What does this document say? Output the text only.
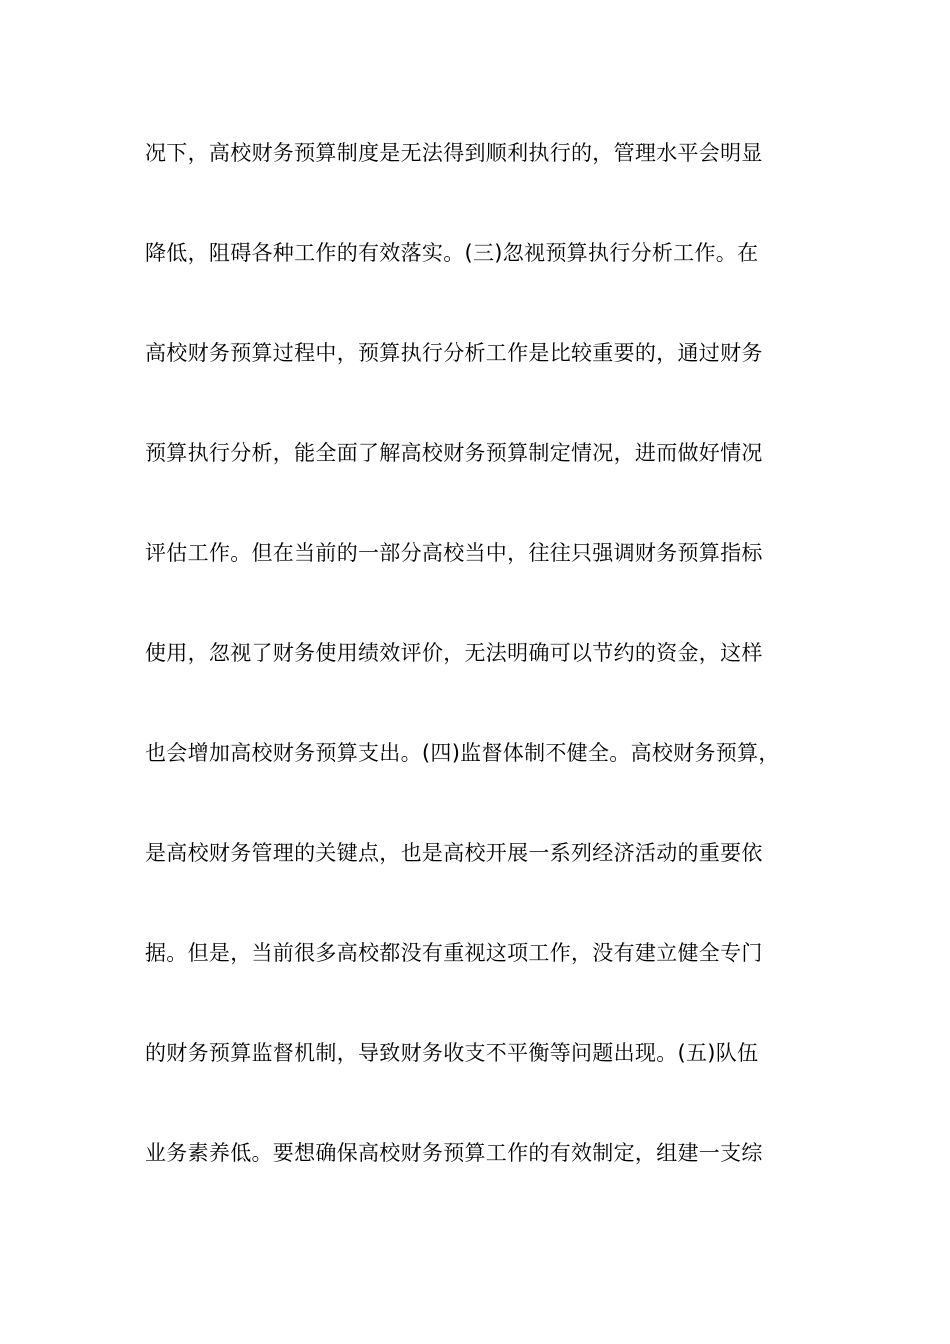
况下，高校财务预算制度是无法得到顺利执行的，管理水平会明显
降低，阻碍各种工作的有效落实。(三)忽视预算执行分析工作。在
高校财务预算过程中，预算执行分析工作是比较重要的，通过财务
预算执行分析，能全面了解高校财务预算制定情况，进而做好情况
评估工作。但在当前的一部分高校当中，往往只强调财务预算指标
使用，忽视了财务使用绩效评价，无法明确可以节约的资金，这样
也会增加高校财务预算支出。(四)监督体制不健全。高校财务预算，
是高校财务管理的关键点，也是高校开展一系列经济活动的重要依
据。但是，当前很多高校都没有重视这项工作，没有建立健全专门
的财务预算监督机制，导致财务收支不平衡等问题出现。(五)队伍
业务素养低。要想确保高校财务预算工作的有效制定，组建一支综
